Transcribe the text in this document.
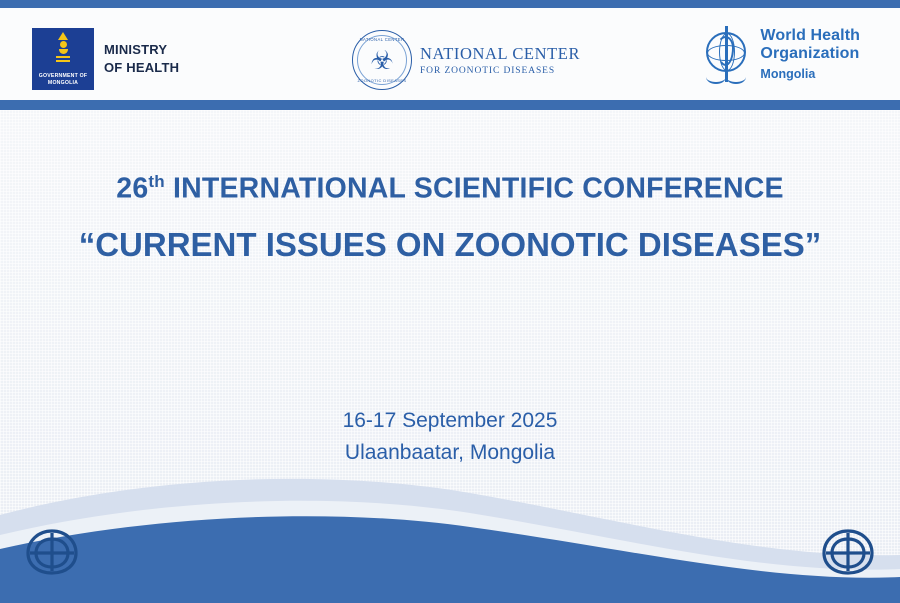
GOVERNMENT OF
MONGOLIA
MINISTRY
OF HEALTH
NATIONAL CENTER
☣
ZOONOTIC DISEASES
NATIONAL CENTER
FOR ZOONOTIC DISEASES
World Health
Organization
Mongolia
26th INTERNATIONAL SCIENTIFIC CONFERENCE
“CURRENT ISSUES ON ZOONOTIC DISEASES”
16-17 September 2025
Ulaanbaatar, Mongolia
